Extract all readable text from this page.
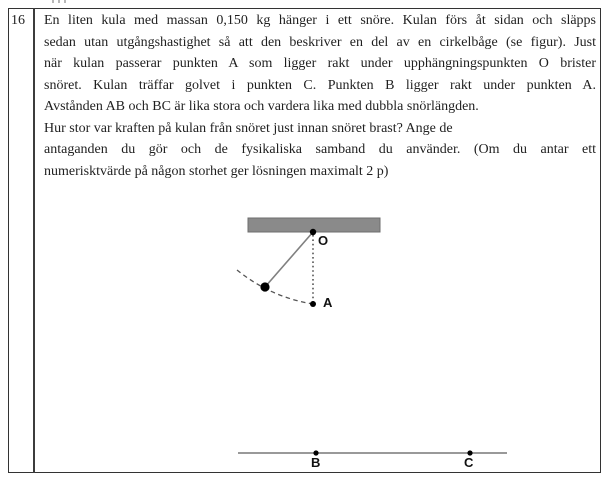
16	En liten kula med massan 0,150 kg hänger i ett snöre. Kulan förs åt sidan och släpps
sedan utan utgångshastighet så att den beskriver en del av en cirkelbåge (se figur). Just
när kulan passerar punkten A som ligger rakt under upphängningspunkten O brister
snöret. Kulan träffar golvet i punkten C. Punkten B ligger rakt under punkten A.
Avstånden AB och BC är lika stora och vardera lika med dubbla snörlängden.
Hur stor var kraften på kulan från snöret just innan snöret brast? Ange de
antaganden du gör och de fysikaliska samband du använder. (Om du antar ett
numerisktvärde på någon storhet ger lösningen maximalt 2 p)
O
A
B	C
